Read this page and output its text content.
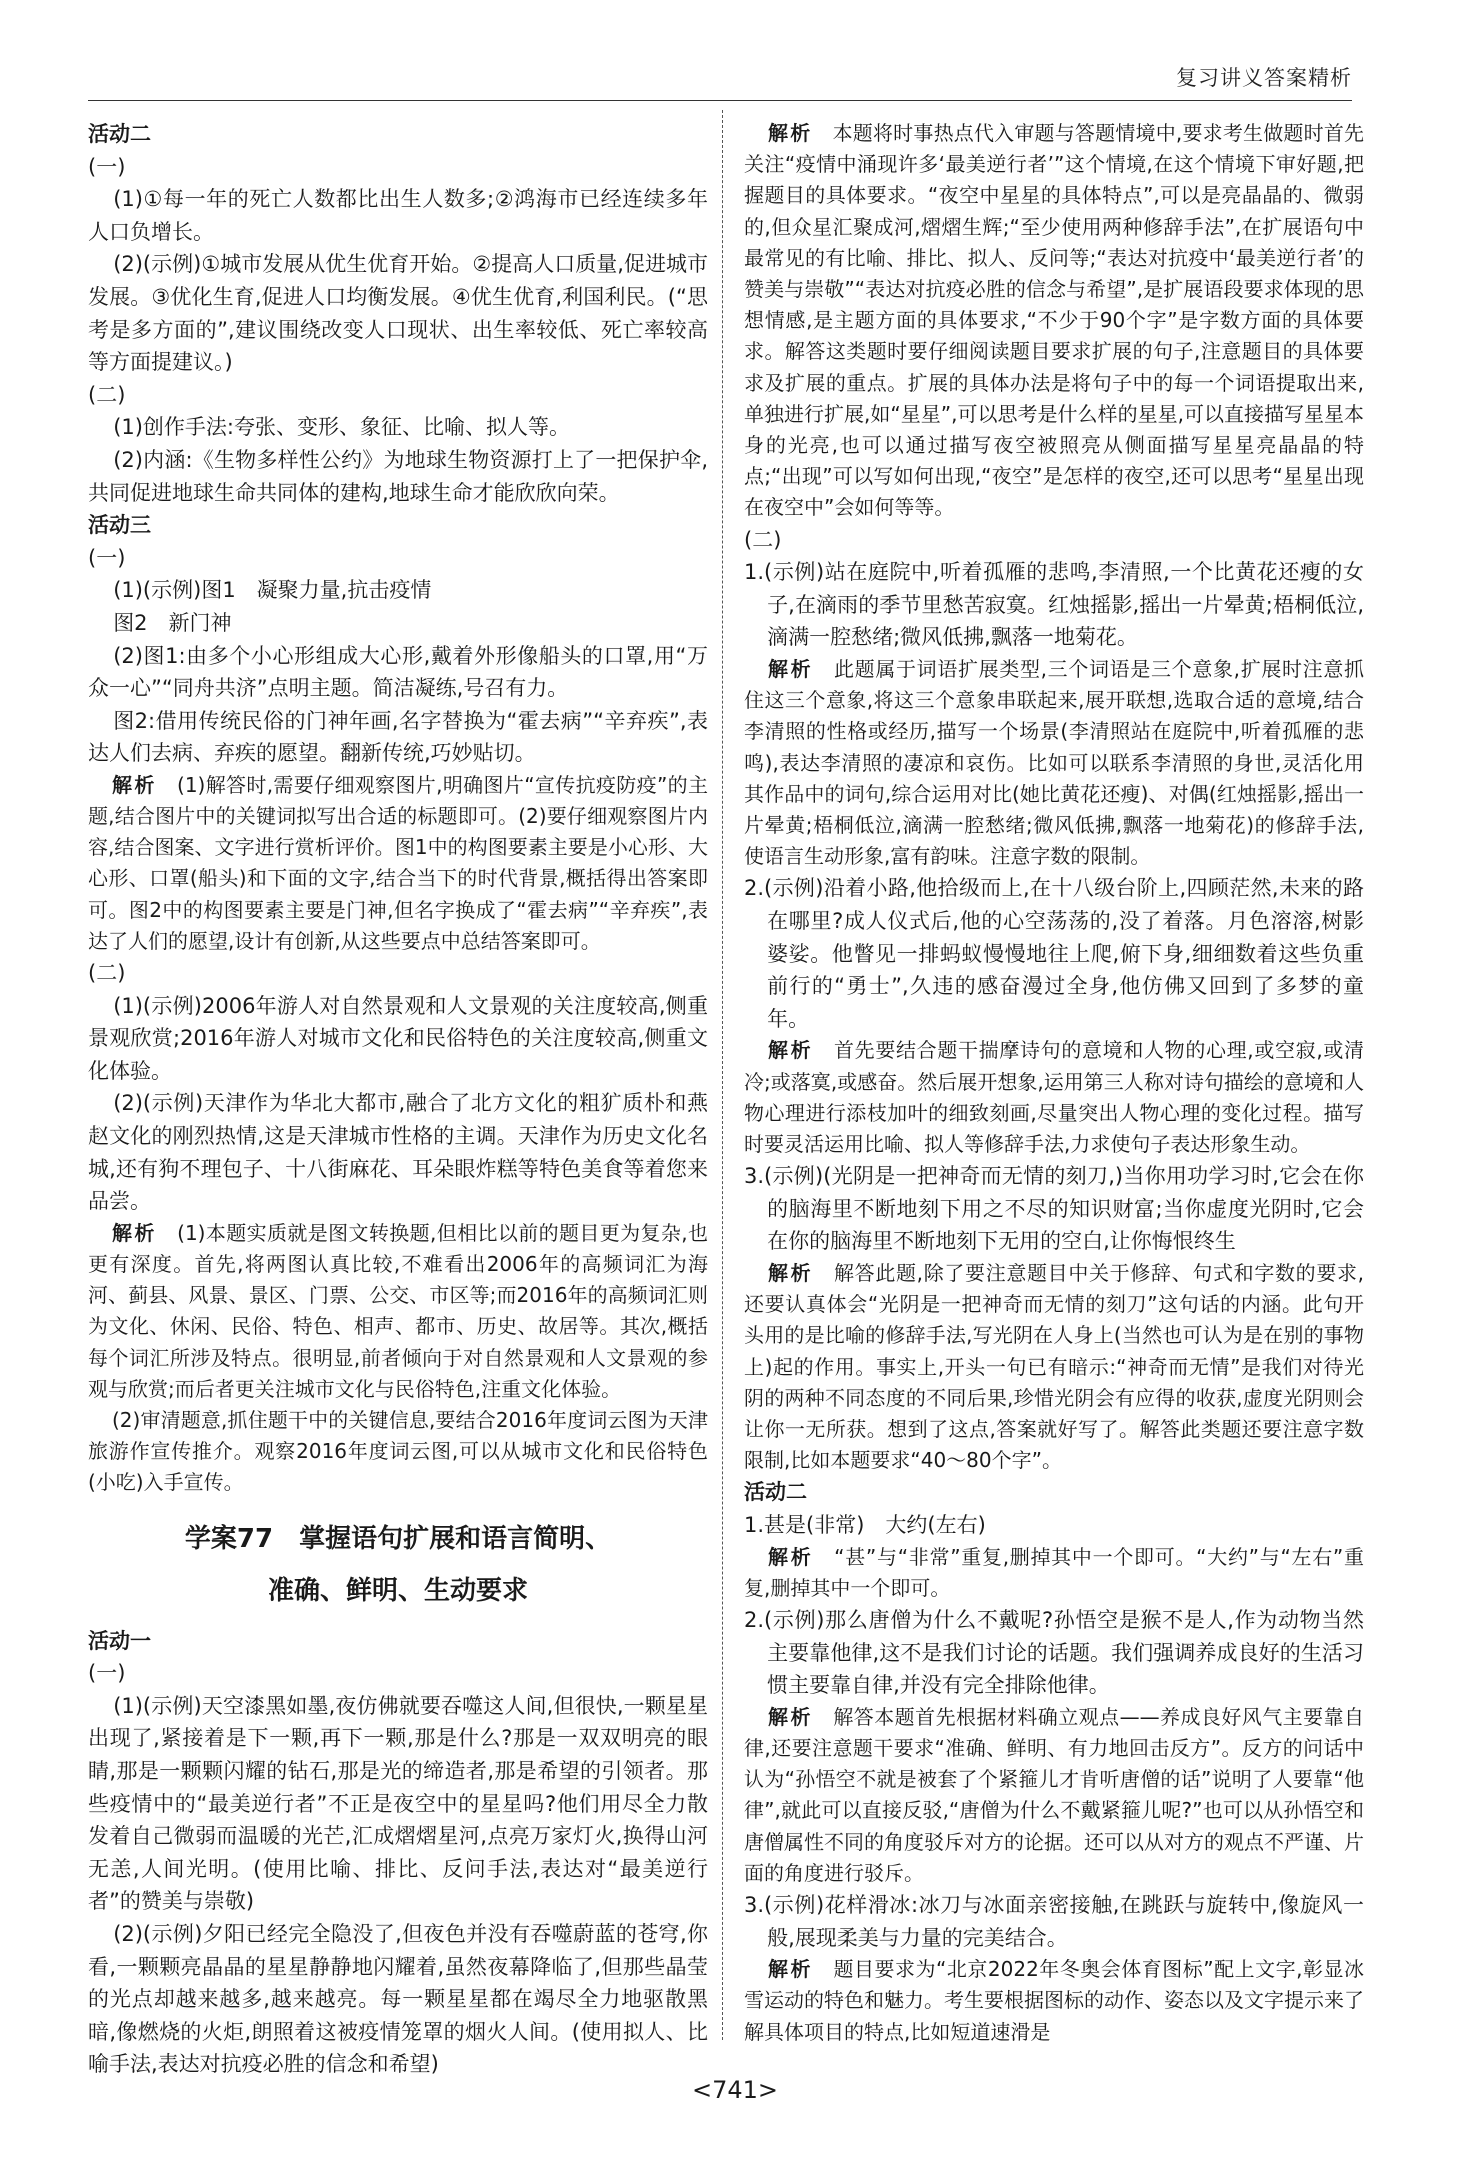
复习讲义答案精析

活动二

(一)

(1)①每一年的死亡人数都比出生人数多;②鸿海市已经连续多年人口负增长。

(2)(示例)①城市发展从优生优育开始。②提高人口质量,促进城市发展。③优化生育,促进人口均衡发展。④优生优育,利国利民。(“思考是多方面的”,建议围绕改变人口现状、出生率较低、死亡率较高等方面提建议。)

(二)

(1)创作手法:夸张、变形、象征、比喻、拟人等。

(2)内涵:《生物多样性公约》为地球生物资源打上了一把保护伞,共同促进地球生命共同体的建构,地球生命才能欣欣向荣。

活动三

(一)

(1)(示例)图1　凝聚力量,抗击疫情

图2　新门神

(2)图1:由多个小心形组成大心形,戴着外形像船头的口罩,用“万众一心”“同舟共济”点明主题。简洁凝练,号召有力。

图2:借用传统民俗的门神年画,名字替换为“霍去病”“辛弃疾”,表达人们去病、弃疾的愿望。翻新传统,巧妙贴切。

解析　 (1)解答时,需要仔细观察图片,明确图片“宣传抗疫防疫”的主题,结合图片中的关键词拟写出合适的标题即可。(2)要仔细观察图片内容,结合图案、文字进行赏析评价。图1中的构图要素主要是小心形、大心形、口罩(船头)和下面的文字,结合当下的时代背景,概括得出答案即可。图2中的构图要素主要是门神,但名字换成了“霍去病”“辛弃疾”,表达了人们的愿望,设计有创新,从这些要点中总结答案即可。

(二)

(1)(示例)2006年游人对自然景观和人文景观的关注度较高,侧重景观欣赏;2016年游人对城市文化和民俗特色的关注度较高,侧重文化体验。

(2)(示例)天津作为华北大都市,融合了北方文化的粗犷质朴和燕赵文化的刚烈热情,这是天津城市性格的主调。天津作为历史文化名城,还有狗不理包子、十八街麻花、耳朵眼炸糕等特色美食等着您来品尝。

解析　 (1)本题实质就是图文转换题,但相比以前的题目更为复杂,也更有深度。首先,将两图认真比较,不难看出2006年的高频词汇为海河、蓟县、风景、景区、门票、公交、市区等;而2016年的高频词汇则为文化、休闲、民俗、特色、相声、都市、历史、故居等。其次,概括每个词汇所涉及特点。很明显,前者倾向于对自然景观和人文景观的参观与欣赏;而后者更关注城市文化与民俗特色,注重文化体验。

(2)审清题意,抓住题干中的关键信息,要结合2016年度词云图为天津旅游作宣传推介。观察2016年度词云图,可以从城市文化和民俗特色(小吃)入手宣传。

学案77　掌握语句扩展和语言简明、
准确、鲜明、生动要求

活动一

(一)

(1)(示例)天空漆黑如墨,夜仿佛就要吞噬这人间,但很快,一颗星星出现了,紧接着是下一颗,再下一颗,那是什么?那是一双双明亮的眼睛,那是一颗颗闪耀的钻石,那是光的缔造者,那是希望的引领者。那些疫情中的“最美逆行者”不正是夜空中的星星吗?他们用尽全力散发着自己微弱而温暖的光芒,汇成熠熠星河,点亮万家灯火,换得山河无恙,人间光明。(使用比喻、排比、反问手法,表达对“最美逆行者”的赞美与崇敬)

(2)(示例)夕阳已经完全隐没了,但夜色并没有吞噬蔚蓝的苍穹,你看,一颗颗亮晶晶的星星静静地闪耀着,虽然夜幕降临了,但那些晶莹的光点却越来越多,越来越亮。每一颗星星都在竭尽全力地驱散黑暗,像燃烧的火炬,朗照着这被疫情笼罩的烟火人间。(使用拟人、比喻手法,表达对抗疫必胜的信念和希望)

解析　 本题将时事热点代入审题与答题情境中,要求考生做题时首先关注“疫情中涌现许多‘最美逆行者’”这个情境,在这个情境下审好题,把握题目的具体要求。“夜空中星星的具体特点”,可以是亮晶晶的、微弱的,但众星汇聚成河,熠熠生辉;“至少使用两种修辞手法”,在扩展语句中最常见的有比喻、排比、拟人、反问等;“表达对抗疫中‘最美逆行者’的赞美与崇敬”“表达对抗疫必胜的信念与希望”,是扩展语段要求体现的思想情感,是主题方面的具体要求,“不少于90个字”是字数方面的具体要求。解答这类题时要仔细阅读题目要求扩展的句子,注意题目的具体要求及扩展的重点。扩展的具体办法是将句子中的每一个词语提取出来,单独进行扩展,如“星星”,可以思考是什么样的星星,可以直接描写星星本身的光亮,也可以通过描写夜空被照亮从侧面描写星星亮晶晶的特点;“出现”可以写如何出现,“夜空”是怎样的夜空,还可以思考“星星出现在夜空中”会如何等等。

(二)

1.(示例)站在庭院中,听着孤雁的悲鸣,李清照,一个比黄花还瘦的女子,在滴雨的季节里愁苦寂寞。红烛摇影,摇出一片晕黄;梧桐低泣,滴满一腔愁绪;微风低拂,飘落一地菊花。

解析　 此题属于词语扩展类型,三个词语是三个意象,扩展时注意抓住这三个意象,将这三个意象串联起来,展开联想,选取合适的意境,结合李清照的性格或经历,描写一个场景(李清照站在庭院中,听着孤雁的悲鸣),表达李清照的凄凉和哀伤。比如可以联系李清照的身世,灵活化用其作品中的词句,综合运用对比(她比黄花还瘦)、对偶(红烛摇影,摇出一片晕黄;梧桐低泣,滴满一腔愁绪;微风低拂,飘落一地菊花)的修辞手法,使语言生动形象,富有韵味。注意字数的限制。

2.(示例)沿着小路,他拾级而上,在十八级台阶上,四顾茫然,未来的路在哪里?成人仪式后,他的心空荡荡的,没了着落。月色溶溶,树影婆娑。他瞥见一排蚂蚁慢慢地往上爬,俯下身,细细数着这些负重前行的“勇士”,久违的感奋漫过全身,他仿佛又回到了多梦的童年。

解析　 首先要结合题干揣摩诗句的意境和人物的心理,或空寂,或清冷;或落寞,或感奋。然后展开想象,运用第三人称对诗句描绘的意境和人物心理进行添枝加叶的细致刻画,尽量突出人物心理的变化过程。描写时要灵活运用比喻、拟人等修辞手法,力求使句子表达形象生动。

3.(示例)(光阴是一把神奇而无情的刻刀,)当你用功学习时,它会在你的脑海里不断地刻下用之不尽的知识财富;当你虚度光阴时,它会在你的脑海里不断地刻下无用的空白,让你悔恨终生

解析　 解答此题,除了要注意题目中关于修辞、句式和字数的要求,还要认真体会“光阴是一把神奇而无情的刻刀”这句话的内涵。此句开头用的是比喻的修辞手法,写光阴在人身上(当然也可认为是在别的事物上)起的作用。事实上,开头一句已有暗示:“神奇而无情”是我们对待光阴的两种不同态度的不同后果,珍惜光阴会有应得的收获,虚度光阴则会让你一无所获。想到了这点,答案就好写了。解答此类题还要注意字数限制,比如本题要求“40～80个字”。

活动二

1.甚是(非常)　大约(左右)

解析　 “甚”与“非常”重复,删掉其中一个即可。“大约”与“左右”重复,删掉其中一个即可。

2.(示例)那么唐僧为什么不戴呢?孙悟空是猴不是人,作为动物当然主要靠他律,这不是我们讨论的话题。我们强调养成良好的生活习惯主要靠自律,并没有完全排除他律。

解析　 解答本题首先根据材料确立观点——养成良好风气主要靠自律,还要注意题干要求“准确、鲜明、有力地回击反方”。反方的问话中认为“孙悟空不就是被套了个紧箍儿才肯听唐僧的话”说明了人要靠“他律”,就此可以直接反驳,“唐僧为什么不戴紧箍儿呢?”也可以从孙悟空和唐僧属性不同的角度驳斥对方的论据。还可以从对方的观点不严谨、片面的角度进行驳斥。

3.(示例)花样滑冰:冰刀与冰面亲密接触,在跳跃与旋转中,像旋风一般,展现柔美与力量的完美结合。

解析　 题目要求为“北京2022年冬奥会体育图标”配上文字,彰显冰雪运动的特色和魅力。考生要根据图标的动作、姿态以及文字提示来了解具体项目的特点,比如短道速滑是

<741>
